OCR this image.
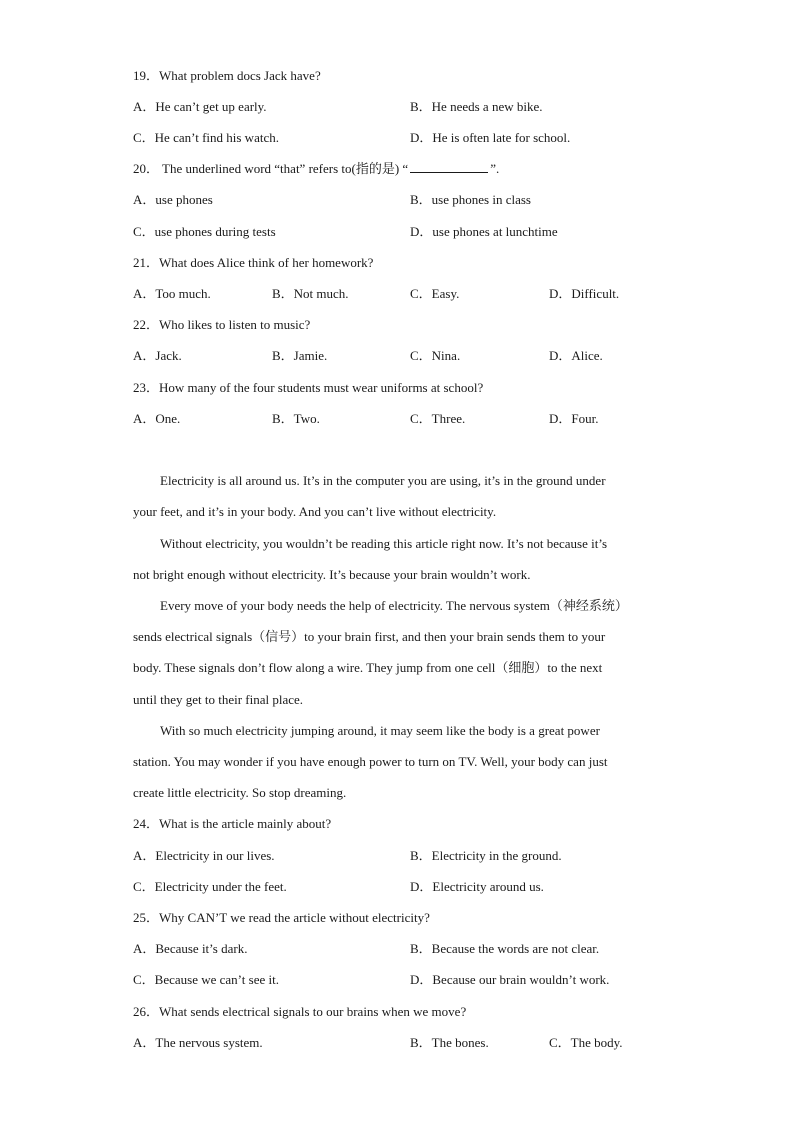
19．What problem docs Jack have?
A．He can’t get up early.	B．He needs a new bike.
C．He can’t find his watch.	D．He is often late for school.
20． The underlined word “that” refers to(指的是) “	”.
A．use phones	B．use phones in class
C．use phones during tests	D．use phones at lunchtime
21．What does Alice think of her homework?
A．Too much.	B．Not much.	C．Easy.	D．Difficult.
22．Who likes to listen to music?
A．Jack.	B．Jamie.	C．Nina.	D．Alice.
23．How many of the four students must wear uniforms at school?
A．One.	B．Two.	C．Three.	D．Four.
Electricity is all around us. It’s in the computer you are using, it’s in the ground under
your feet, and it’s in your body. And you can’t live without electricity.
Without electricity, you wouldn’t be reading this article right now. It’s not because it’s
not bright enough without electricity. It’s because your brain wouldn’t work.
Every move of your body needs the help of electricity. The nervous system（神经系统）
sends electrical signals（信号）to your brain first, and then your brain sends them to your
body. These signals don’t flow along a wire. They jump from one cell（细胞）to the next
until they get to their final place.
With so much electricity jumping around, it may seem like the body is a great power
station. You may wonder if you have enough power to turn on TV. Well, your body can just
create little electricity. So stop dreaming.
24．What is the article mainly about?
A．Electricity in our lives.	B．Electricity in the ground.
C．Electricity under the feet.	D．Electricity around us.
25．Why CAN’T we read the article without electricity?
A．Because it’s dark.	B．Because the words are not clear.
C．Because we can’t see it.	D．Because our brain wouldn’t work.
26．What sends electrical signals to our brains when we move?
A．The nervous system.	B．The bones.	C．The body.
